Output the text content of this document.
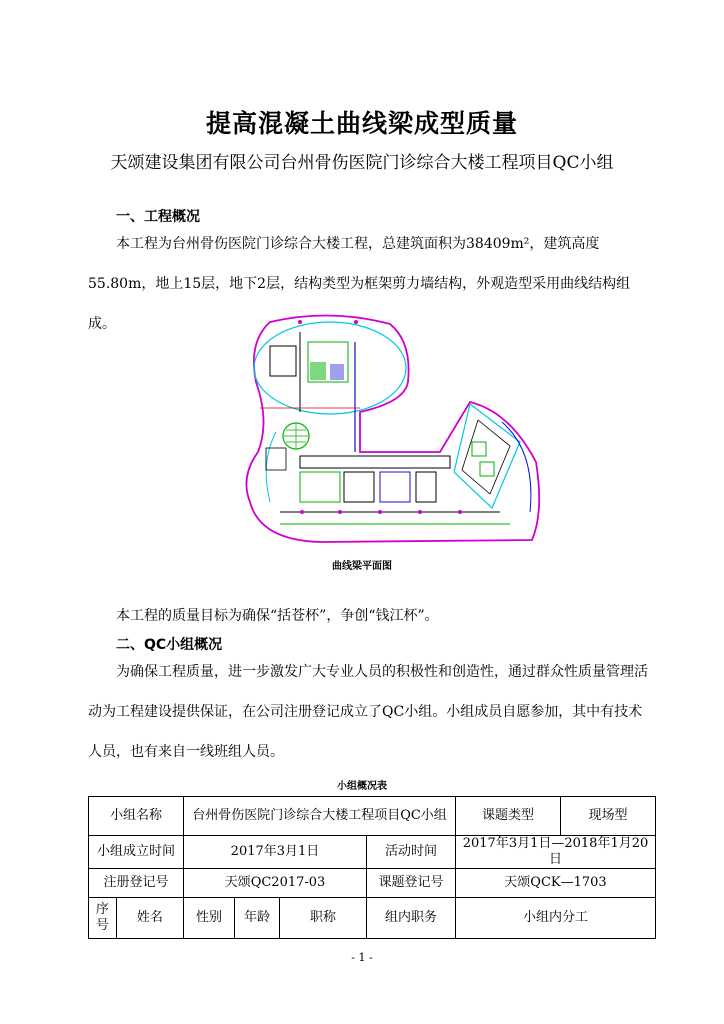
提高混凝土曲线梁成型质量
天颂建设集团有限公司台州骨伤医院门诊综合大楼工程项目QC小组
一、工程概况
本工程为台州骨伤医院门诊综合大楼工程，总建筑面积为38409m²，建筑高度55.80m，地上15层，地下2层，结构类型为框架剪力墙结构，外观造型采用曲线结构组成。
曲线梁平面图
本工程的质量目标为确保“括苍杯”，争创“钱江杯”。
二、QC小组概况
为确保工程质量，进一步激发广大专业人员的积极性和创造性，通过群众性质量管理活动为工程建设提供保证，在公司注册登记成立了QC小组。小组成员自愿参加，其中有技术人员，也有来自一线班组人员。
小组概况表
小组名称		台州骨伤医院门诊综合大楼工程项目QC小组				课题类型	现场型
小组成立时间		2017年3月1日			活动时间	2017年3月1日—2018年1月20日	
注册登记号		天颂QC2017-03			课题登记号	天颂QCK—1703	
序号	姓名	性别	年龄	职称	组内职务	小组内分工	
- 1 -
